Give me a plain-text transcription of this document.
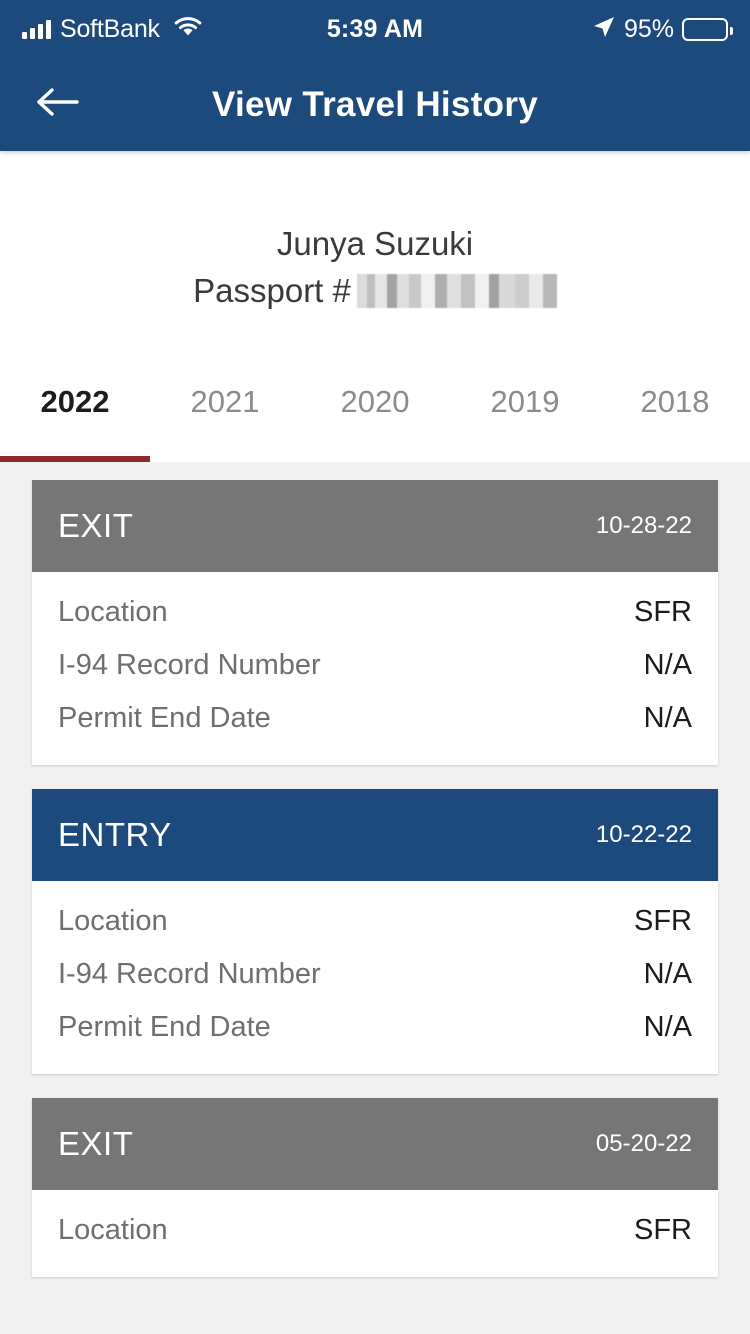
SoftBank	5:39 AM	95%
View Travel History
Junya Suzuki
Passport #
2022	2021	2020	2019	2018
EXIT	10-28-22
Location	SFR
I-94 Record Number	N/A
Permit End Date	N/A
ENTRY	10-22-22
Location	SFR
I-94 Record Number	N/A
Permit End Date	N/A
EXIT	05-20-22
Location	SFR
